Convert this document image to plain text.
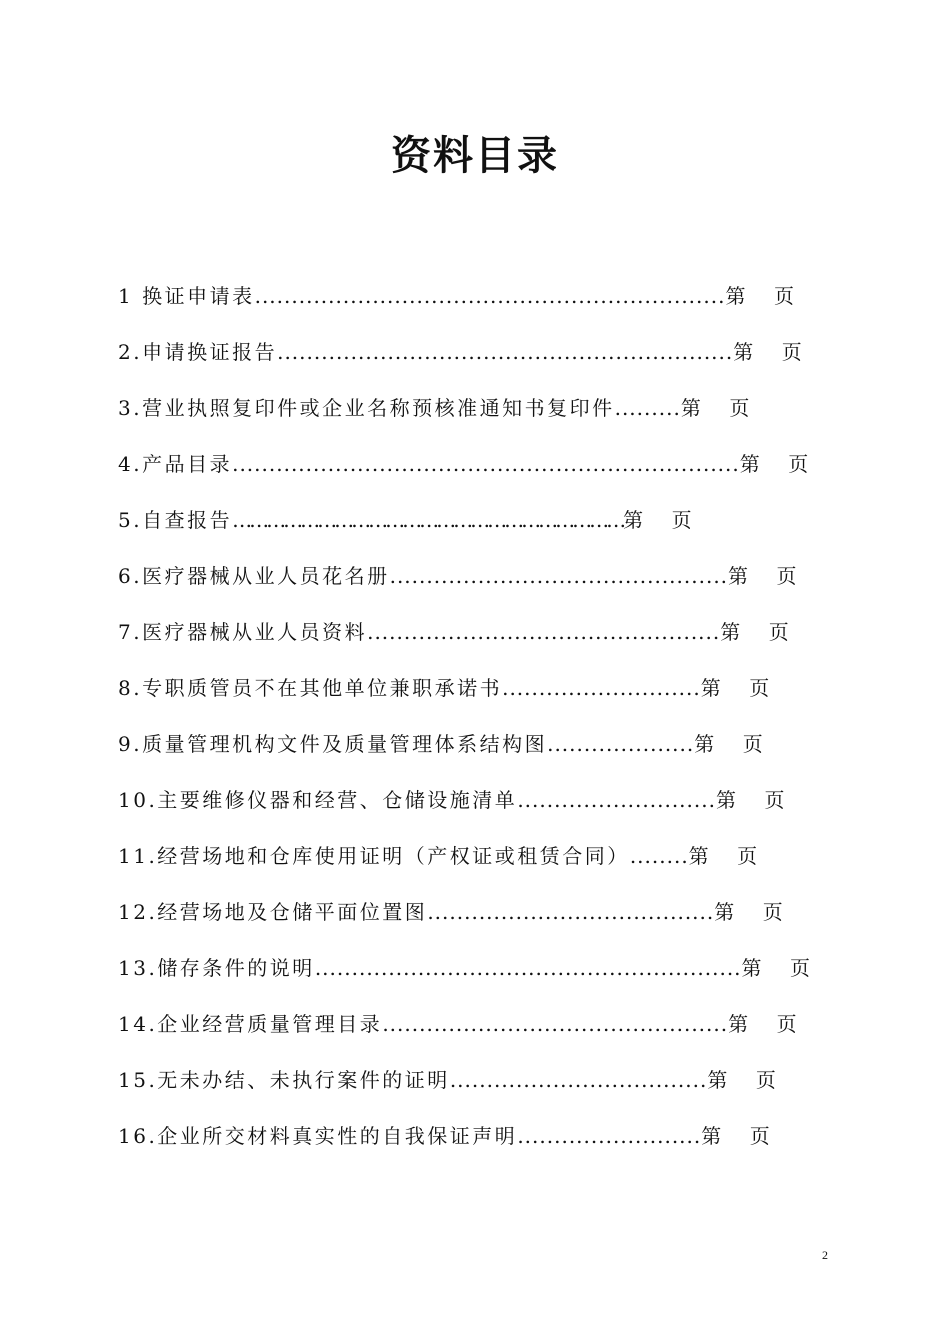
资料目录
1 换证申请表................................................................第 页
2.申请换证报告..............................................................第 页
3.营业执照复印件或企业名称预核准通知书复印件.........第 页
4.产品目录.....................................................................第 页
5.自查报告……………………………………………………………第 页
6.医疗器械从业人员花名册..............................................第 页
7.医疗器械从业人员资料................................................第 页
8.专职质管员不在其他单位兼职承诺书...........................第 页
9.质量管理机构文件及质量管理体系结构图....................第 页
10.主要维修仪器和经营、仓储设施清单...........................第 页
11.经营场地和仓库使用证明（产权证或租赁合同）........第 页
12.经营场地及仓储平面位置图.......................................第 页
13.储存条件的说明..........................................................第 页
14.企业经营质量管理目录...............................................第 页
15.无未办结、未执行案件的证明...................................第 页
16.企业所交材料真实性的自我保证声明.........................第 页
2
